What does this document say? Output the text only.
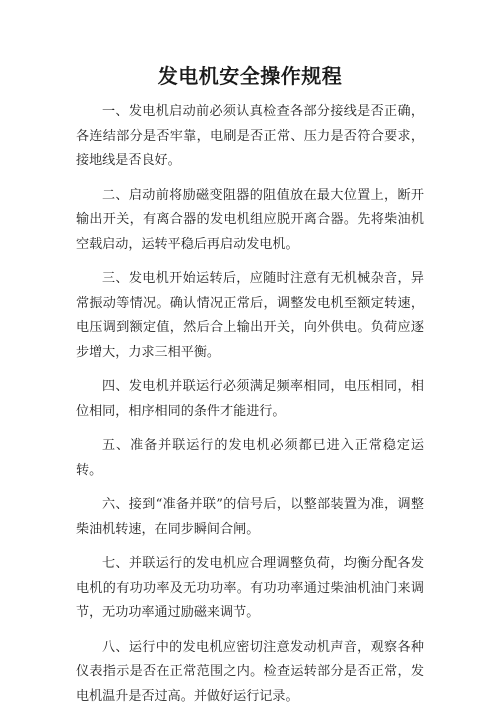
发电机安全操作规程

一、发电机启动前必须认真检查各部分接线是否正确，各连结部分是否牢靠，电刷是否正常、压力是否符合要求，接地线是否良好。

二、启动前将励磁变阻器的阻值放在最大位置上，断开输出开关，有离合器的发电机组应脱开离合器。先将柴油机空载启动，运转平稳后再启动发电机。

三、发电机开始运转后，应随时注意有无机械杂音，异常振动等情况。确认情况正常后，调整发电机至额定转速，电压调到额定值，然后合上输出开关，向外供电。负荷应逐步增大，力求三相平衡。

四、发电机并联运行必须满足频率相同，电压相同，相位相同，相序相同的条件才能进行。

五、准备并联运行的发电机必须都已进入正常稳定运转。

六、接到“准备并联”的信号后，以整部装置为准，调整柴油机转速，在同步瞬间合闸。

七、并联运行的发电机应合理调整负荷，均衡分配各发电机的有功功率及无功功率。有功功率通过柴油机油门来调节，无功功率通过励磁来调节。

八、运行中的发电机应密切注意发动机声音，观察各种仪表指示是否在正常范围之内。检查运转部分是否正常，发电机温升是否过高。并做好运行记录。
